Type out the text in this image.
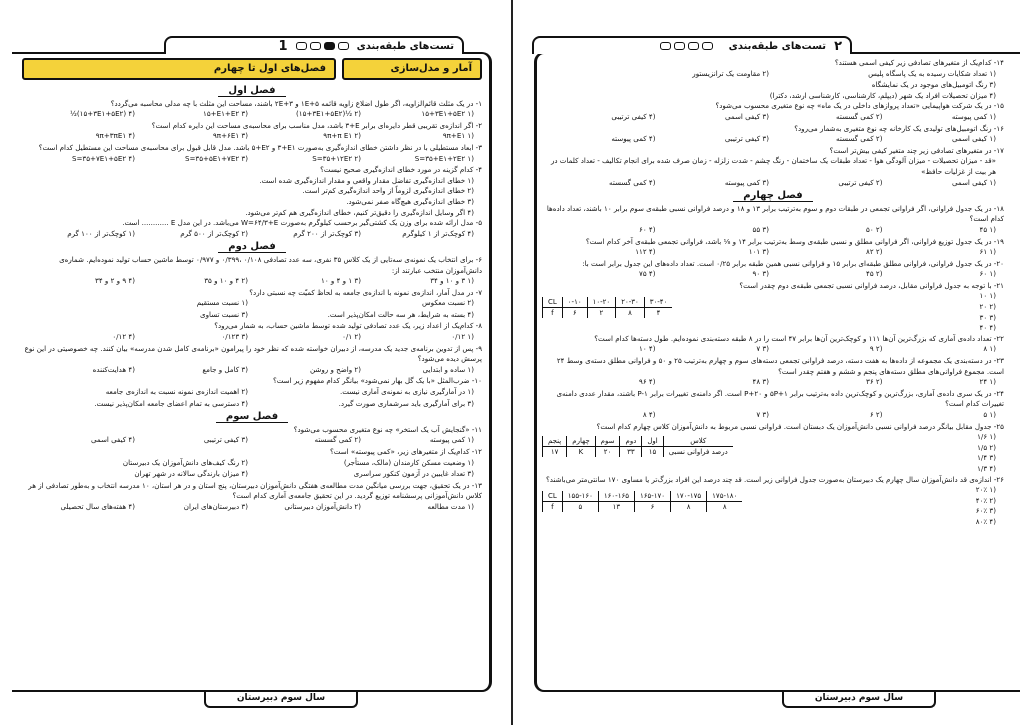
تست‌های طبقه‌بندی
1
آمار و مدل‌سازی
فصل‌های اول تا چهارم
فصل اول

۱- در یک مثلث قائم‌الزاویه، اگر طول اضلاع زاویه قائمه ‎۱E+۵‎ و ‎۲E+۳‎ باشند، مساحت این مثلث با چه مدلی محاسبه می‌گردد؟

(۱ ‎۱۵+۳E۱+۵E۲‎
(۲ ‎(۱۵+۳E۱+۵E۲)½‎
(۳ ‎۱۵+E۱+E۲‎
(۴ ‎½(۱۵+۳E۱+۵E۲)‎

۲- اگر اندازه‌ی تقریبی قطر دایره‌ای برابر ‎۳+E‎ باشد، مدل مناسب برای محاسبه‌ی مساحت این دایره کدام است؟

(۱ ‎۹π+E۱‎
(۲ ‎۹π+π E۱‎
(۳ ‎۹π+۶E۱‎
(۴ ‎۹π+۳πE۱‎

۳- ابعاد مستطیلی با در نظر داشتن خطای اندازه‌گیری به‌صورت ‎۳+E۱‎ و ‎۵+E۲‎ باشد. مدل قابل قبول برای محاسبه‌ی مساحت این مستطیل کدام است؟

(۱ ‎S=۳۵+E۱+۲E۲‎
(۲ ‎S=۳۵+۱۲E۲‎
(۳ ‎S=۳۵+۵E۱+۷E۲‎
(۴ ‎S=۳۵+۷E۱+۵E۲‎

۴- کدام گزینه در مورد خطای اندازه‌گیری صحیح نیست؟

(۱ خطای اندازه‌گیری تفاضل مقدار واقعی و مقدار اندازه‌گیری شده است.

(۲ خطای اندازه‌گیری لزوماً از واحد اندازه‌گیری کم‌تر است.

(۳ خطای اندازه‌گیری هیچ‌گاه صفر نمی‌شود.

(۴ اگر وسایل اندازه‌گیری را دقیق‌تر کنیم، خطای اندازه‌گیری هم کم‌تر می‌شود.

۵- مدل ارائه شده برای وزن یک کشتی‌گیر برحسب کیلوگرم به‌صورت ‎W=۶۴/۳+E‎ می‌باشد. در این مدل E ............ است.

(۴ کوچک‌تر از ۱ کیلوگرم
(۳ کوچک‌تر از ۲۰۰ گرم
(۲ کوچک‌تر از ۵۰۰ گرم
(۱ کوچک‌تر از ۱۰۰ گرم
فصل دوم

۶- برای انتخاب یک نمونه‌ی سه‌تایی از یک کلاس ۳۵ نفری، سه عدد تصادفی ‎۰/۳۹۹‎، ‎۰/۱۰۸‎ و ‎۰/۹۷۷‎ توسط ماشین حساب تولید نموده‌ایم. شماره‌ی دانش‌آموزان منتخب عبارتند از:

(۱ ۳ و ۱۰ و ۳۴
(۳ ۱ و ۴ و ۱۰
(۲ ۴ و ۱۰ و ۳۵
(۴ ۹ و ۲ و ۳۴

۷- در مدل آمار، اندازه‌ی نمونه با اندازه‌ی جامعه به لحاظ کمیّت چه نسبتی دارد؟

(۲ نسبت معکوس
(۱ نسبت مستقیم
(۴ بسته به شرایط، هر سه حالت امکان‌پذیر است.
(۳ نسبت تساوی

۸- کدام‌یک از اعداد زیر، یک عدد تصادفی تولید شده توسط ماشین حساب، به شمار می‌رود؟

(۱ ۰/۱۲
(۲ ۰/۱
(۳ ۰/۱۲۳
(۴ ۰/۱۲

۹- پس از تدوین برنامه‌ی جدید یک مدرسه، از دبیران خواسته شده که نظر خود را پیرامون «برنامه‌ی کامل شدن مدرسه» بیان کنند. چه خصوصیتی در این نوع پرسش دیده می‌شود؟

(۱ ساده و ابتدایی
(۲ واضح و روشن
(۳ کامل و جامع
(۴ هدایت‌کننده

۱۰- ضرب‌المثل «با یک گل بهار نمی‌شود» بیانگر کدام مفهوم زیر است؟

(۱ در آمارگیری نیازی به نمونه‌ی آماری نیست.
(۲ اهمیت اندازه‌ی نمونه نسبت به اندازه‌ی جامعه
(۳ برای آمارگیری باید سرشماری صورت گیرد.
(۴ دسترسی به تمام اعضای جامعه امکان‌پذیر نیست.
فصل سوم

۱۱- «گنجایش آب یک استخر» چه نوع متغیری محسوب می‌شود؟

(۱ کمی پیوسته
(۲ کمی گسسته
(۳ کیفی ترتیبی
(۴ کیفی اسمی

۱۲- کدام‌یک از متغیرهای زیر، «کمی پیوسته» است؟

(۱ وضعیت مسکن کارمندان (مالک، مستأجر)
(۲ رنگ کیف‌های دانش‌آموزان یک دبیرستان
(۳ تعداد غایبین در آزمون کنکور سراسری
(۴ میزان بارندگی سالانه در شهر تهران

۱۳- در یک تحقیق، جهت بررسی میانگین مدت مطالعه‌ی هفتگی دانش‌آموزان دبیرستان، پنج استان و در هر استان، ۱۰ مدرسه انتخاب و به‌طور تصادفی از هر کلاس دانش‌آموزانی پرسشنامه توزیع گردید. در این تحقیق جامعه‌ی آماری کدام است؟

(۱ مدت مطالعه
(۲ دانش‌آموزان دبیرستانی
(۳ دبیرستان‌های ایران
(۴ هفته‌های سال تحصیلی
سال سوم دبیرستان
۲
تست‌های طبقه‌بندی

۱۴- کدام‌یک از متغیرهای تصادفی زیر کیفی اسمی هستند؟

(۱ تعداد شکایات رسیده به یک پاسگاه پلیس
(۲ مقاومت یک ترانزیستور

(۳ رنگ اتومبیل‌های موجود در یک نمایشگاه

(۴ میزان تحصیلات افراد یک شهر (دیپلم، کارشناسی، کارشناسی ارشد، دکترا)

۱۵- در یک شرکت هواپیمایی «تعداد پروازهای داخلی در یک ماه» چه نوع متغیری محسوب می‌شود؟

(۱ کمی پیوسته
(۲ کمی گسسته
(۳ کیفی اسمی
(۴ کیفی ترتیبی

۱۶- رنگ اتومبیل‌های تولیدی یک کارخانه چه نوع متغیری به‌شمار می‌رود؟

(۱ کیفی اسمی
(۲ کمی گسسته
(۳ کیفی ترتیبی
(۴ کمی پیوسته

۱۷- در متغیرهای تصادفی زیر چند متغیر کیفی بیش‌تر است؟

«قد - میزان تحصیلات - میزان آلودگی هوا - تعداد طبقات یک ساختمان - رنگ چشم - شدت زلزله - زمان صرف شده برای انجام تکالیف - تعداد کلمات در هر بیت از غزلیات حافظ»

(۱ کیفی اسمی
(۲ کیفی ترتیبی
(۳ کمی پیوسته
(۴ کمی گسسته
فصل چهارم

۱۸- در یک جدول فراوانی، اگر فراوانی تجمعی در طبقات دوم و سوم به‌ترتیب برابر ۱۳ و ۱۸ و درصد فراوانی نسبی طبقه‌ی سوم برابر ۱۰ باشند، تعداد داده‌ها کدام است؟

(۱ ۴۵
(۲ ۵۰
(۳ ۵۵
(۴ ۶۰

۱۹- در یک جدول توزیع فراوانی، اگر فراوانی مطلق و نسبی طبقه‌ی وسط به‌ترتیب برابر ۱۴ و ⅛ باشد، فراوانی تجمعی طبقه‌ی آخر کدام است؟

(۱ ۶۱
(۲ ۸۲
(۳ ۱۰۱
(۴ ۱۱۲

۲۰- در یک جدول فراوانی، فراوانی مطلق طبقه‌ای برابر ۱۵ و فراوانی نسبی همین طبقه برابر ۰/۲۵ است. تعداد داده‌های این جدول برابر است با:

(۱ ۶۰
(۲ ۴۵
(۳ ۹۰
(۴ ۷۵

۲۱- با توجه به جدول فراوانی مقابل، درصد فراوانی نسبی تجمعی طبقه‌ی دوم چقدر است؟

(۱ ۱۰

(۲ ۲۰

(۳ ۳۰

(۴ ۴۰

CL	۰-۱۰	۱۰-۲۰	۲۰-۳۰	۳۰-۴۰
f	۶	۲	۸	۴

۲۲- تعداد داده‌ی آماری که بزرگ‌ترین آن‌ها ۱۱۱ و کوچک‌ترین آن‌ها برابر ۴۷ است را در ۸ طبقه دسته‌بندی نموده‌ایم. طول دسته‌ها کدام است؟

(۱ ۸
(۲ ۹
(۳ ۷
(۴ ۱۰

۲۳- در دسته‌بندی یک مجموعه از داده‌ها به هفت دسته، درصد فراوانی تجمعی دسته‌های سوم و چهارم به‌ترتیب ۲۵ و ۵۰ و فراوانی مطلق دسته‌ی وسط ۲۴ است. مجموع فراوانی‌های مطلق دسته‌های پنجم و ششم و هفتم چقدر است؟

(۱ ۲۴
(۲ ۳۶
(۳ ۴۸
(۴ ۹۶

۲۴- در یک سری داده‌ی آماری، بزرگ‌ترین و کوچک‌ترین داده به‌ترتیب برابر ‎۵P+۱‎ و ‎P+۲۰‎ است. اگر دامنه‌ی تغییرات برابر ‎P-۱‎ باشند، مقدار عددی دامنه‌ی تغییرات کدام است؟

(۱ ۵
(۲ ۶
(۳ ۷
(۴ ۸

۲۵- جدول مقابل بیانگر درصد فراوانی نسبی دانش‌آموزان یک دبستان است. فراوانی نسبی مربوط به دانش‌آموزان کلاس چهارم کدام است؟

(۱ ۱/۶

(۲ ۱/۵

(۳ ۱/۴

(۴ ۱/۳

کلاس	اول	دوم	سوم	چهارم	پنجم
درصد فراوانی نسبی	۱۵	۳۳	۲۰	K	۱۷

۲۶- اندازه‌ی قد دانش‌آموزان سال چهارم یک دبیرستان به‌صورت جدول فراوانی زیر است. قد چند درصد این افراد بزرگ‌تر یا مساوی ۱۷۰ سانتی‌متر می‌باشند؟

(۱ ۲۰٪

(۲ ۴۰٪

(۳ ۶۰٪

(۴ ۸۰٪

CL	۱۵۵-۱۶۰	۱۶۰-۱۶۵	۱۶۵-۱۷۰	۱۷۰-۱۷۵	۱۷۵-۱۸۰
f	۵	۱۳	۶	۸	۸
سال سوم دبیرستان
